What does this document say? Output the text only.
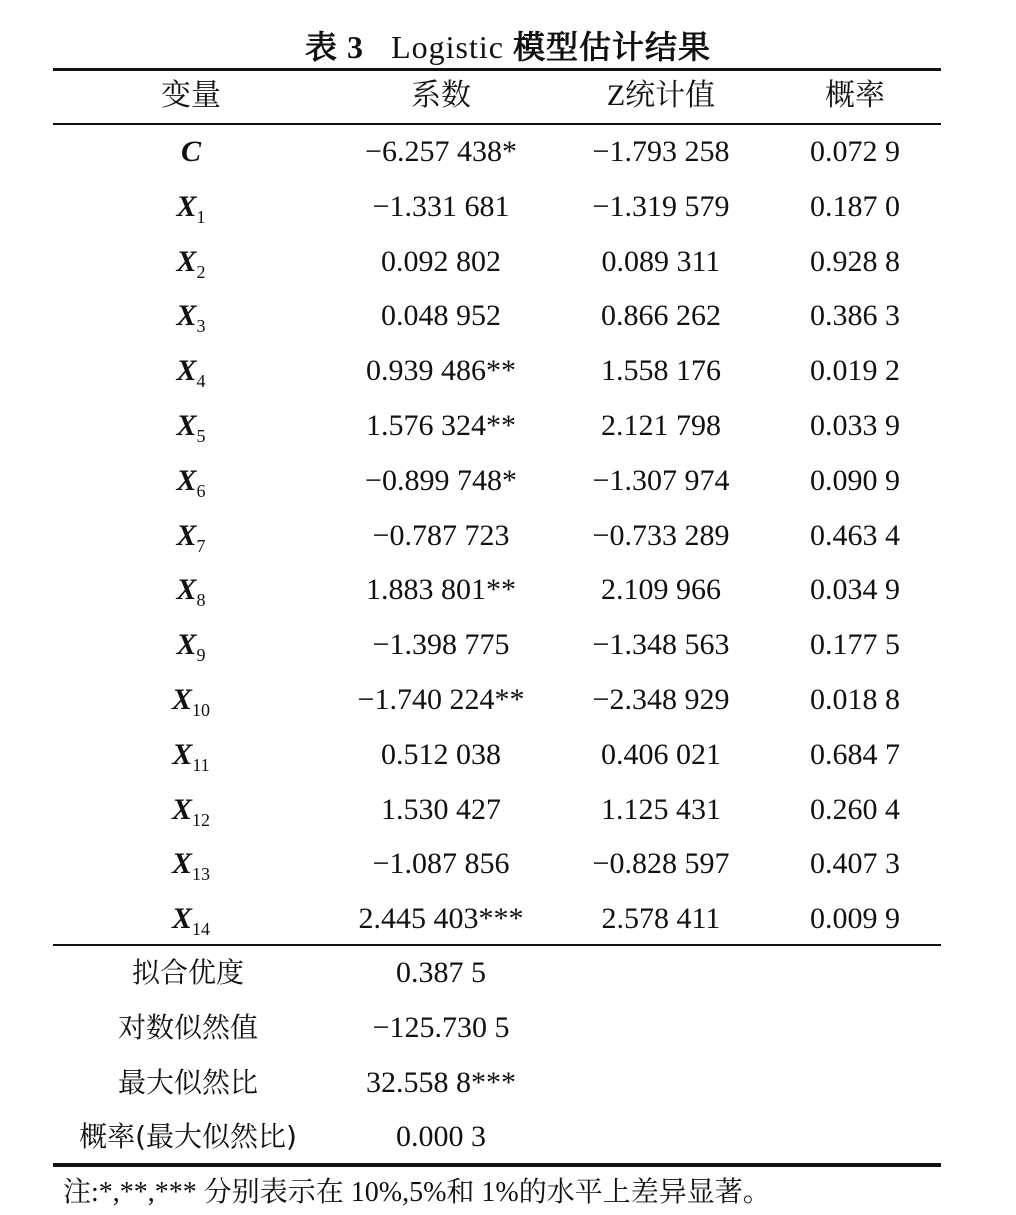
表 3 Logistic 模型估计结果
变量	系数	Z统计值	概率
C	−6.257 438*	−1.793 258	0.072 9
$X_1$	−1.331 681	−1.319 579	0.187 0
$X_2$	0.092 802	0.089 311	0.928 8
$X_3$	0.048 952	0.866 262	0.386 3
$X_4$	0.939 486**	1.558 176	0.019 2
$X_5$	1.576 324**	2.121 798	0.033 9
$X_6$	−0.899 748*	−1.307 974	0.090 9
$X_7$	−0.787 723	−0.733 289	0.463 4
$X_8$	1.883 801**	2.109 966	0.034 9
$X_9$	−1.398 775	−1.348 563	0.177 5
$X_{10}$	−1.740 224**	−2.348 929	0.018 8
$X_{11}$	0.512 038	0.406 021	0.684 7
$X_{12}$	1.530 427	1.125 431	0.260 4
$X_{13}$	−1.087 856	−0.828 597	0.407 3
$X_{14}$	2.445 403***	2.578 411	0.009 9
拟合优度	0.387 5
对数似然值	−125.730 5
最大似然比	32.558 8***
概率(最大似然比)	0.000 3
注:*,**,*** 分别表示在 10%,5%和 1%的水平上差异显著。
